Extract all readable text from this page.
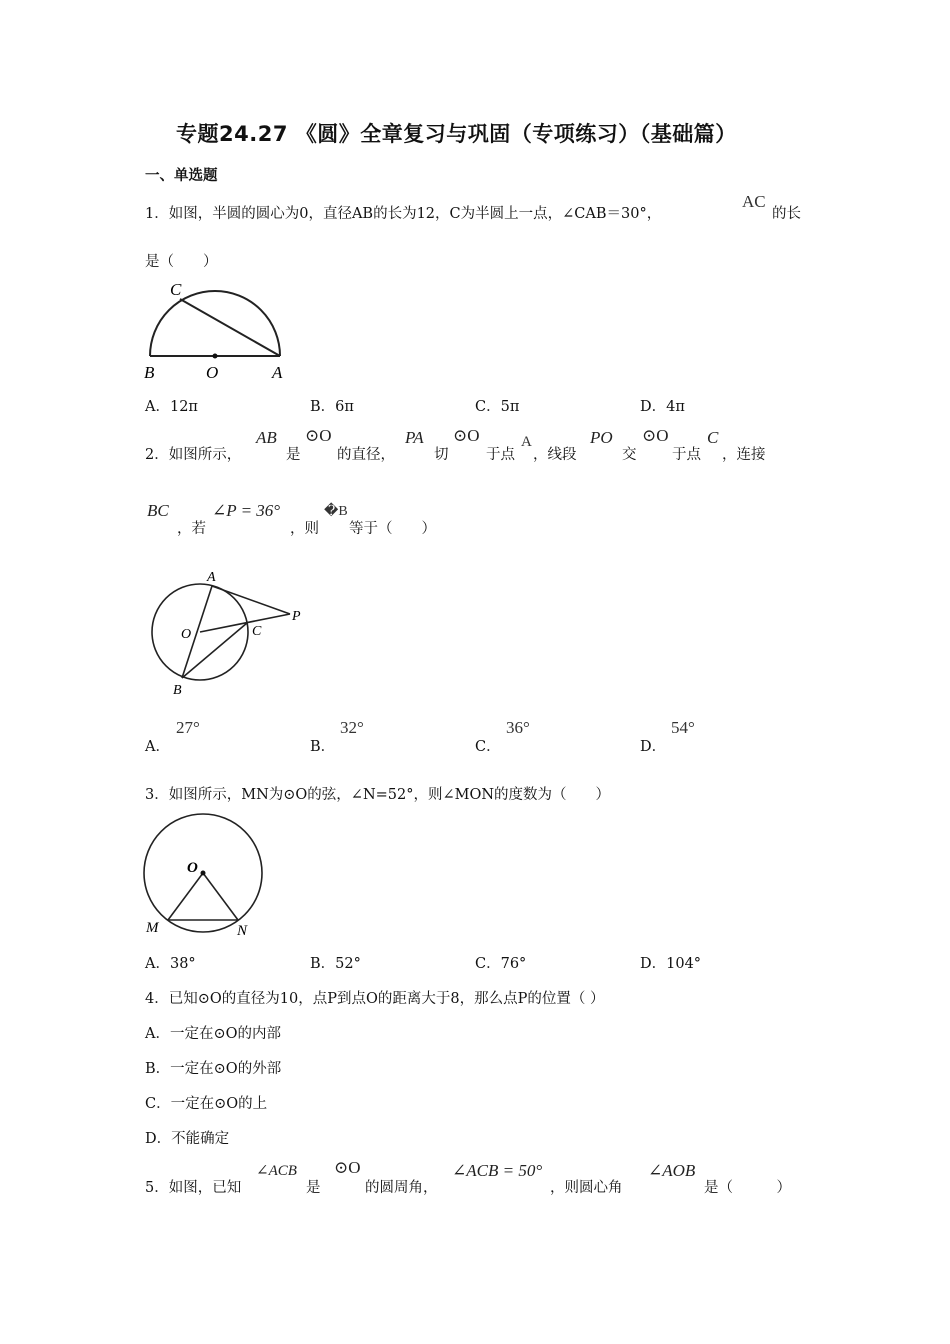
专题24.27 《圆》全章复习与巩固（专项练习）（基础篇）
一、单选题
1．如图，半圆的圆心为0，直径AB的长为12，C为半圆上一点，∠CAB＝30°，
AC
的长
是（　　）
C
B	O	A
A．12π	B．6π	C．5π	D．4π
2．如图所示，
AB
是
⊙O
的直径，
PA
切
⊙O
于点
A
，线段
PO
交
⊙O
于点
C
，连接
BC
，若
∠P = 36°
，则
�B
等于（　　）
A
O	C
P
B
A．
27°
B．
32°
C．
36°
D．
54°
3．如图所示，MN为⊙O的弦，∠N=52°，则∠MON的度数为（　　）
O
M	N
A．38°	B．52°	C．76°	D．104°
4．已知⊙O的直径为10，点P到点O的距离大于8，那么点P的位置（ ）
A．一定在⊙O的内部
B．一定在⊙O的外部
C．一定在⊙O的上
D．不能确定
5．如图，已知
∠ACB
是
⊙O
的圆周角，
∠ACB = 50°
，则圆心角
∠AOB
是（　　　）
